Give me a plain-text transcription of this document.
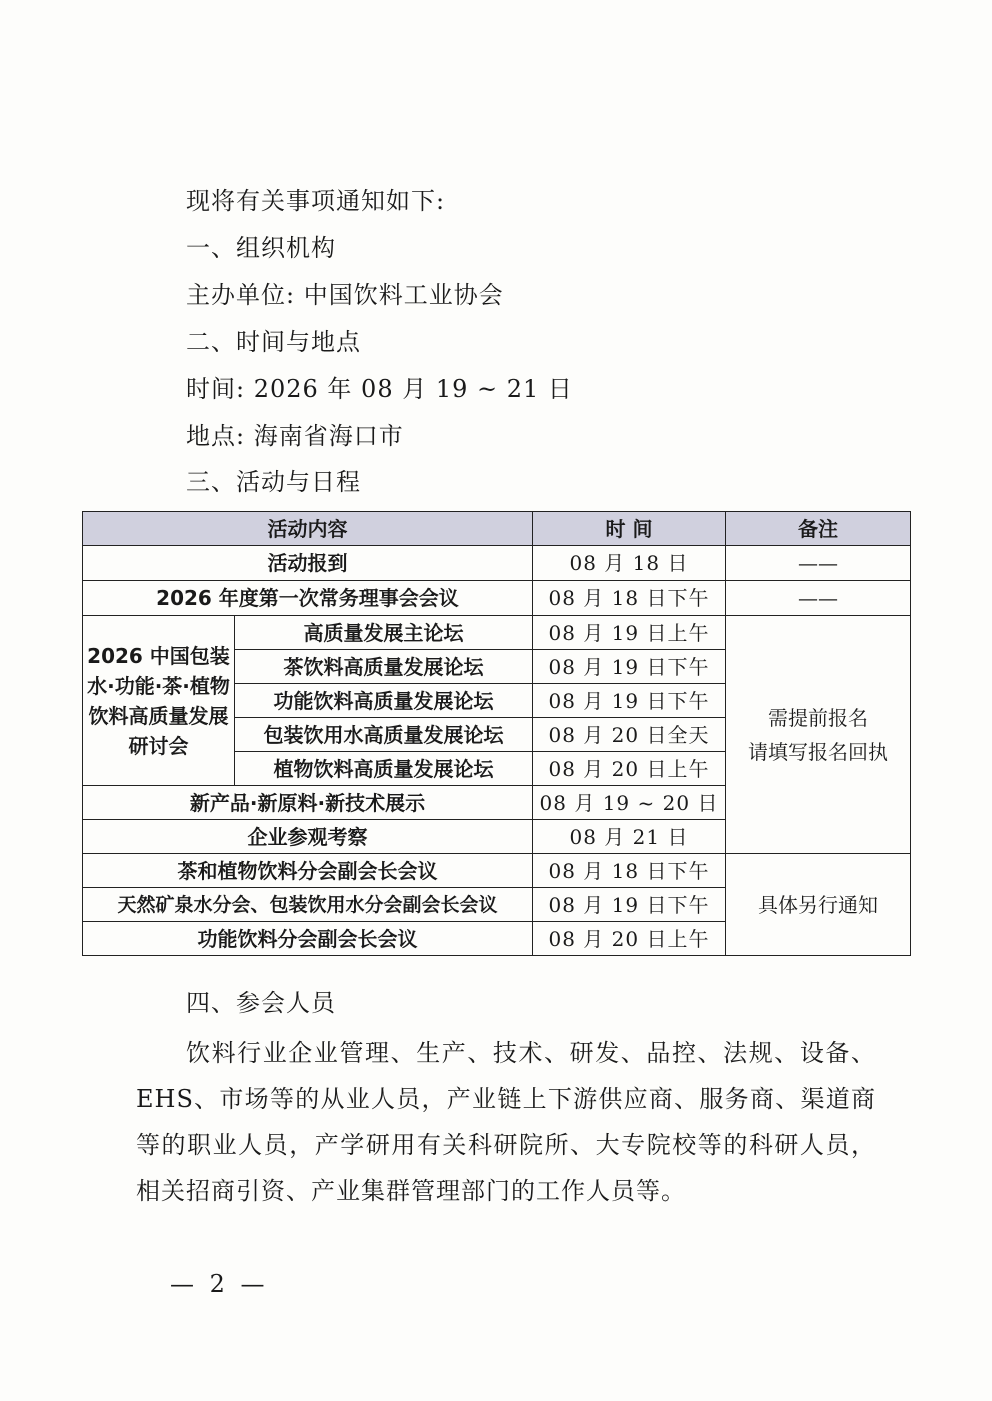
现将有关事项通知如下:
一、组织机构
主办单位: 中国饮料工业协会
二、时间与地点
时间: 2026 年 08 月 19 ~ 21 日
地点: 海南省海口市
三、活动与日程
活动内容		时 间	备注
活动报到		08 月 18 日	——
2026 年度第一次常务理事会会议		08 月 18 日下午	——
2026 中国包装水·功能·茶·植物饮料高质量发展研讨会	高质量发展主论坛	08 月 19 日上午	需提前报名
请填写报名回执
	茶饮料高质量发展论坛	08 月 19 日下午	
	功能饮料高质量发展论坛	08 月 19 日下午	
	包装饮用水高质量发展论坛	08 月 20 日全天	
	植物饮料高质量发展论坛	08 月 20 日上午	
新产品·新原料·新技术展示		08 月 19 ~ 20 日	
企业参观考察		08 月 21 日	
茶和植物饮料分会副会长会议		08 月 18 日下午	具体另行通知
天然矿泉水分会、包装饮用水分会副会长会议		08 月 19 日下午	
功能饮料分会副会长会议		08 月 20 日上午	
四、参会人员
饮料行业企业管理、生产、技术、研发、品控、法规、设备、EHS、市场等的从业人员，产业链上下游供应商、服务商、渠道商等的职业人员，产学研用有关科研院所、大专院校等的科研人员，相关招商引资、产业集群管理部门的工作人员等。
— 2 —
